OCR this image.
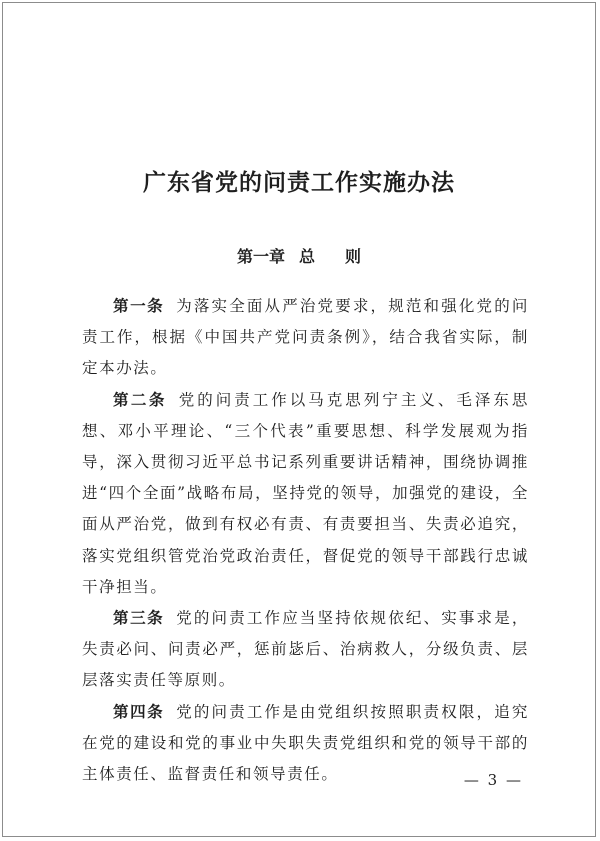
广东省党的问责工作实施办法
第一章 总 则

第一条 为落实全面从严治党要求，规范和强化党的问责工作，根据《中国共产党问责条例》，结合我省实际，制定本办法。

第二条 党的问责工作以马克思列宁主义、毛泽东思想、邓小平理论、“三个代表”重要思想、科学发展观为指导，深入贯彻习近平总书记系列重要讲话精神，围绕协调推进“四个全面”战略布局，坚持党的领导，加强党的建设，全面从严治党，做到有权必有责、有责要担当、失责必追究，落实党组织管党治党政治责任，督促党的领导干部践行忠诚干净担当。

第三条 党的问责工作应当坚持依规依纪、实事求是，失责必问、问责必严，惩前毖后、治病救人，分级负责、层层落实责任等原则。

第四条 党的问责工作是由党组织按照职责权限，追究在党的建设和党的事业中失职失责党组织和党的领导干部的主体责任、监督责任和领导责任。	— 3 —
